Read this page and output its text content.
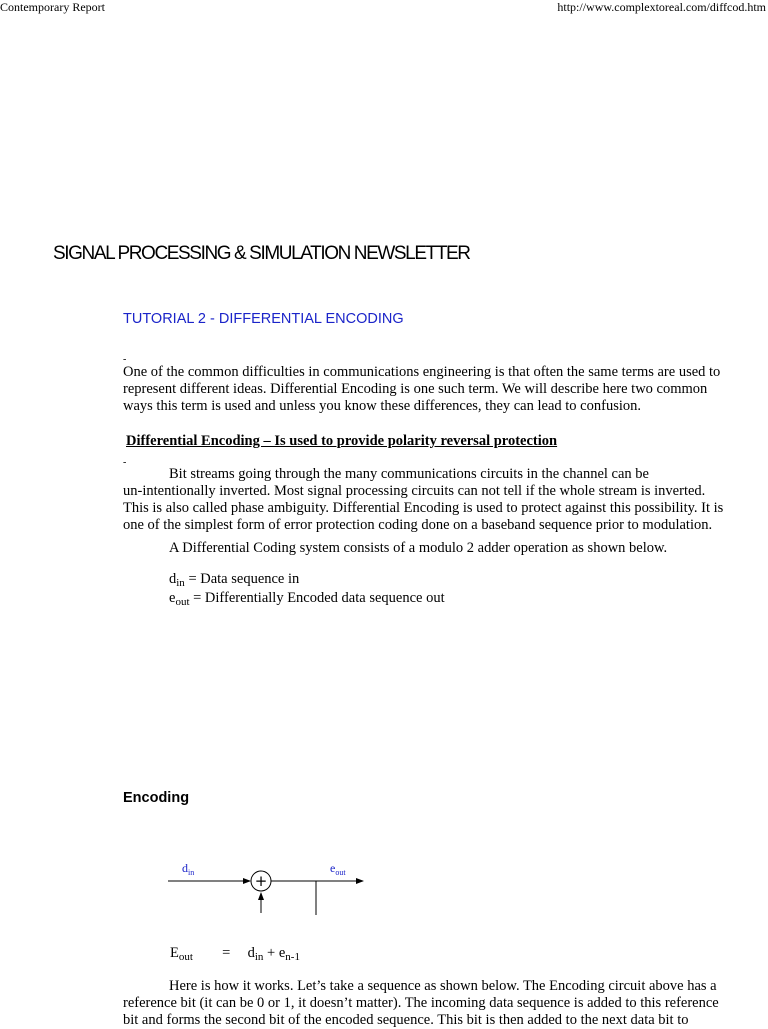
Contemporary Report	http://www.complextoreal.com/diffcod.htm
SIGNAL PROCESSING & SIMULATION NEWSLETTER
TUTORIAL 2 - DIFFERENTIAL ENCODING
-
One of the common difficulties in communications engineering is that often the same terms are used to
represent different ideas. Differential Encoding is one such term. We will describe here two common
ways this term is used and unless you know these differences, they can lead to confusion.
Differential Encoding – Is used to provide polarity reversal protection
-
Bit streams going through the many communications circuits in the channel can be
un-intentionally inverted. Most signal processing circuits can not tell if the whole stream is inverted.
This is also called phase ambiguity. Differential Encoding is used to protect against this possibility. It is
one of the simplest form of error protection coding done on a baseband sequence prior to modulation.
A Differential Coding system consists of a modulo 2 adder operation as shown below.
$d_{in}$ = Data sequence in
$e_{out}$ = Differentially Encoded data sequence out
Encoding
$d_{in}$	+
$e_{out}$
$E_{out} = d_{in} + e_{n-1}$
Here is how it works. Let’s take a sequence as shown below. The Encoding circuit above has a
reference bit (it can be 0 or 1, it doesn’t matter). The incoming data sequence is added to this reference
bit and forms the second bit of the encoded sequence. This bit is then added to the next data bit to
